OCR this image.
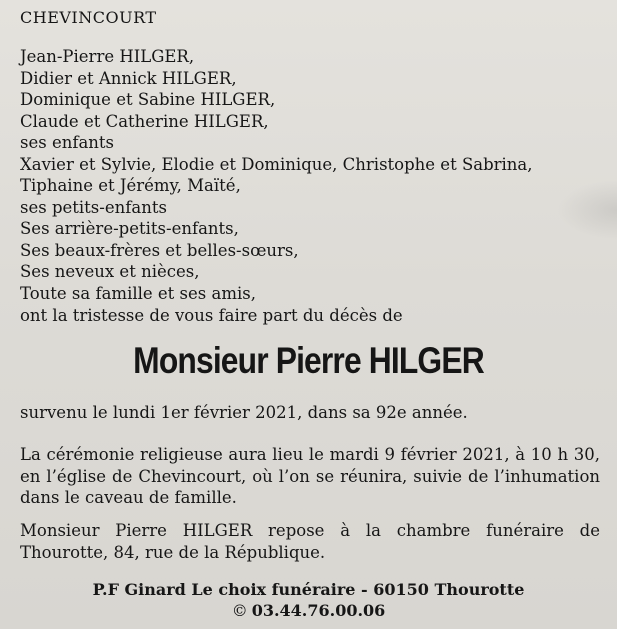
CHEVINCOURT
Jean-Pierre HILGER,
Didier et Annick HILGER,
Dominique et Sabine HILGER,
Claude et Catherine HILGER,
ses enfants
Xavier et Sylvie, Elodie et Dominique, Christophe et Sabrina,
Tiphaine et Jérémy, Maïté,
ses petits-enfants
Ses arrière-petits-enfants,
Ses beaux-frères et belles-sœurs,
Ses neveux et nièces,
Toute sa famille et ses amis,
ont la tristesse de vous faire part du décès de
Monsieur Pierre HILGER
survenu le lundi 1er février 2021, dans sa 92e année.
La cérémonie religieuse aura lieu le mardi 9 février 2021, à 10 h 30, en l’église de Chevincourt, où l’on se réunira, suivie de l’inhumation dans le caveau de famille.
Monsieur Pierre HILGER repose à la chambre funéraire de Thourotte, 84, rue de la République.
P.F Ginard Le choix funéraire - 60150 Thourotte
© 03.44.76.00.06
